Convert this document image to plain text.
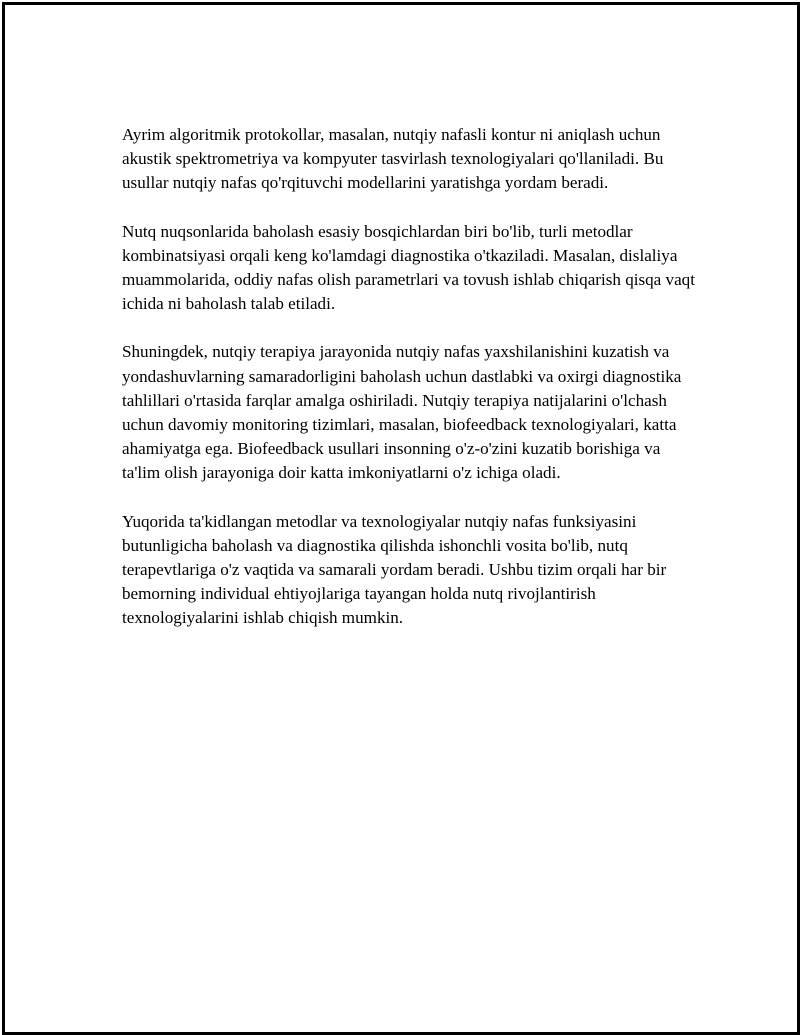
Ayrim algoritmik protokollar, masalan, nutqiy nafasli kontur ni aniqlash uchun akustik spektrometriya va kompyuter tasvirlash texnologiyalari qo'llaniladi. Bu usullar nutqiy nafas qo'rqituvchi modellarini yaratishga yordam beradi.

Nutq nuqsonlarida baholash esasiy bosqichlardan biri bo'lib, turli metodlar kombinatsiyasi orqali keng ko'lamdagi diagnostika o'tkaziladi. Masalan, dislaliya muammolarida, oddiy nafas olish parametrlari va tovush ishlab chiqarish qisqa vaqt ichida ni baholash talab etiladi.

Shuningdek, nutqiy terapiya jarayonida nutqiy nafas yaxshilanishini kuzatish va yondashuvlarning samaradorligini baholash uchun dastlabki va oxirgi diagnostika tahlillari o'rtasida farqlar amalga oshiriladi. Nutqiy terapiya natijalarini o'lchash uchun davomiy monitoring tizimlari, masalan, biofeedback texnologiyalari, katta ahamiyatga ega. Biofeedback usullari insonning o'z-o'zini kuzatib borishiga va ta'lim olish jarayoniga doir katta imkoniyatlarni o'z ichiga oladi.

Yuqorida ta'kidlangan metodlar va texnologiyalar nutqiy nafas funksiyasini butunligicha baholash va diagnostika qilishda ishonchli vosita bo'lib, nutq terapevtlariga o'z vaqtida va samarali yordam beradi. Ushbu tizim orqali har bir bemorning individual ehtiyojlariga tayangan holda nutq rivojlantirish texnologiyalarini ishlab chiqish mumkin.
